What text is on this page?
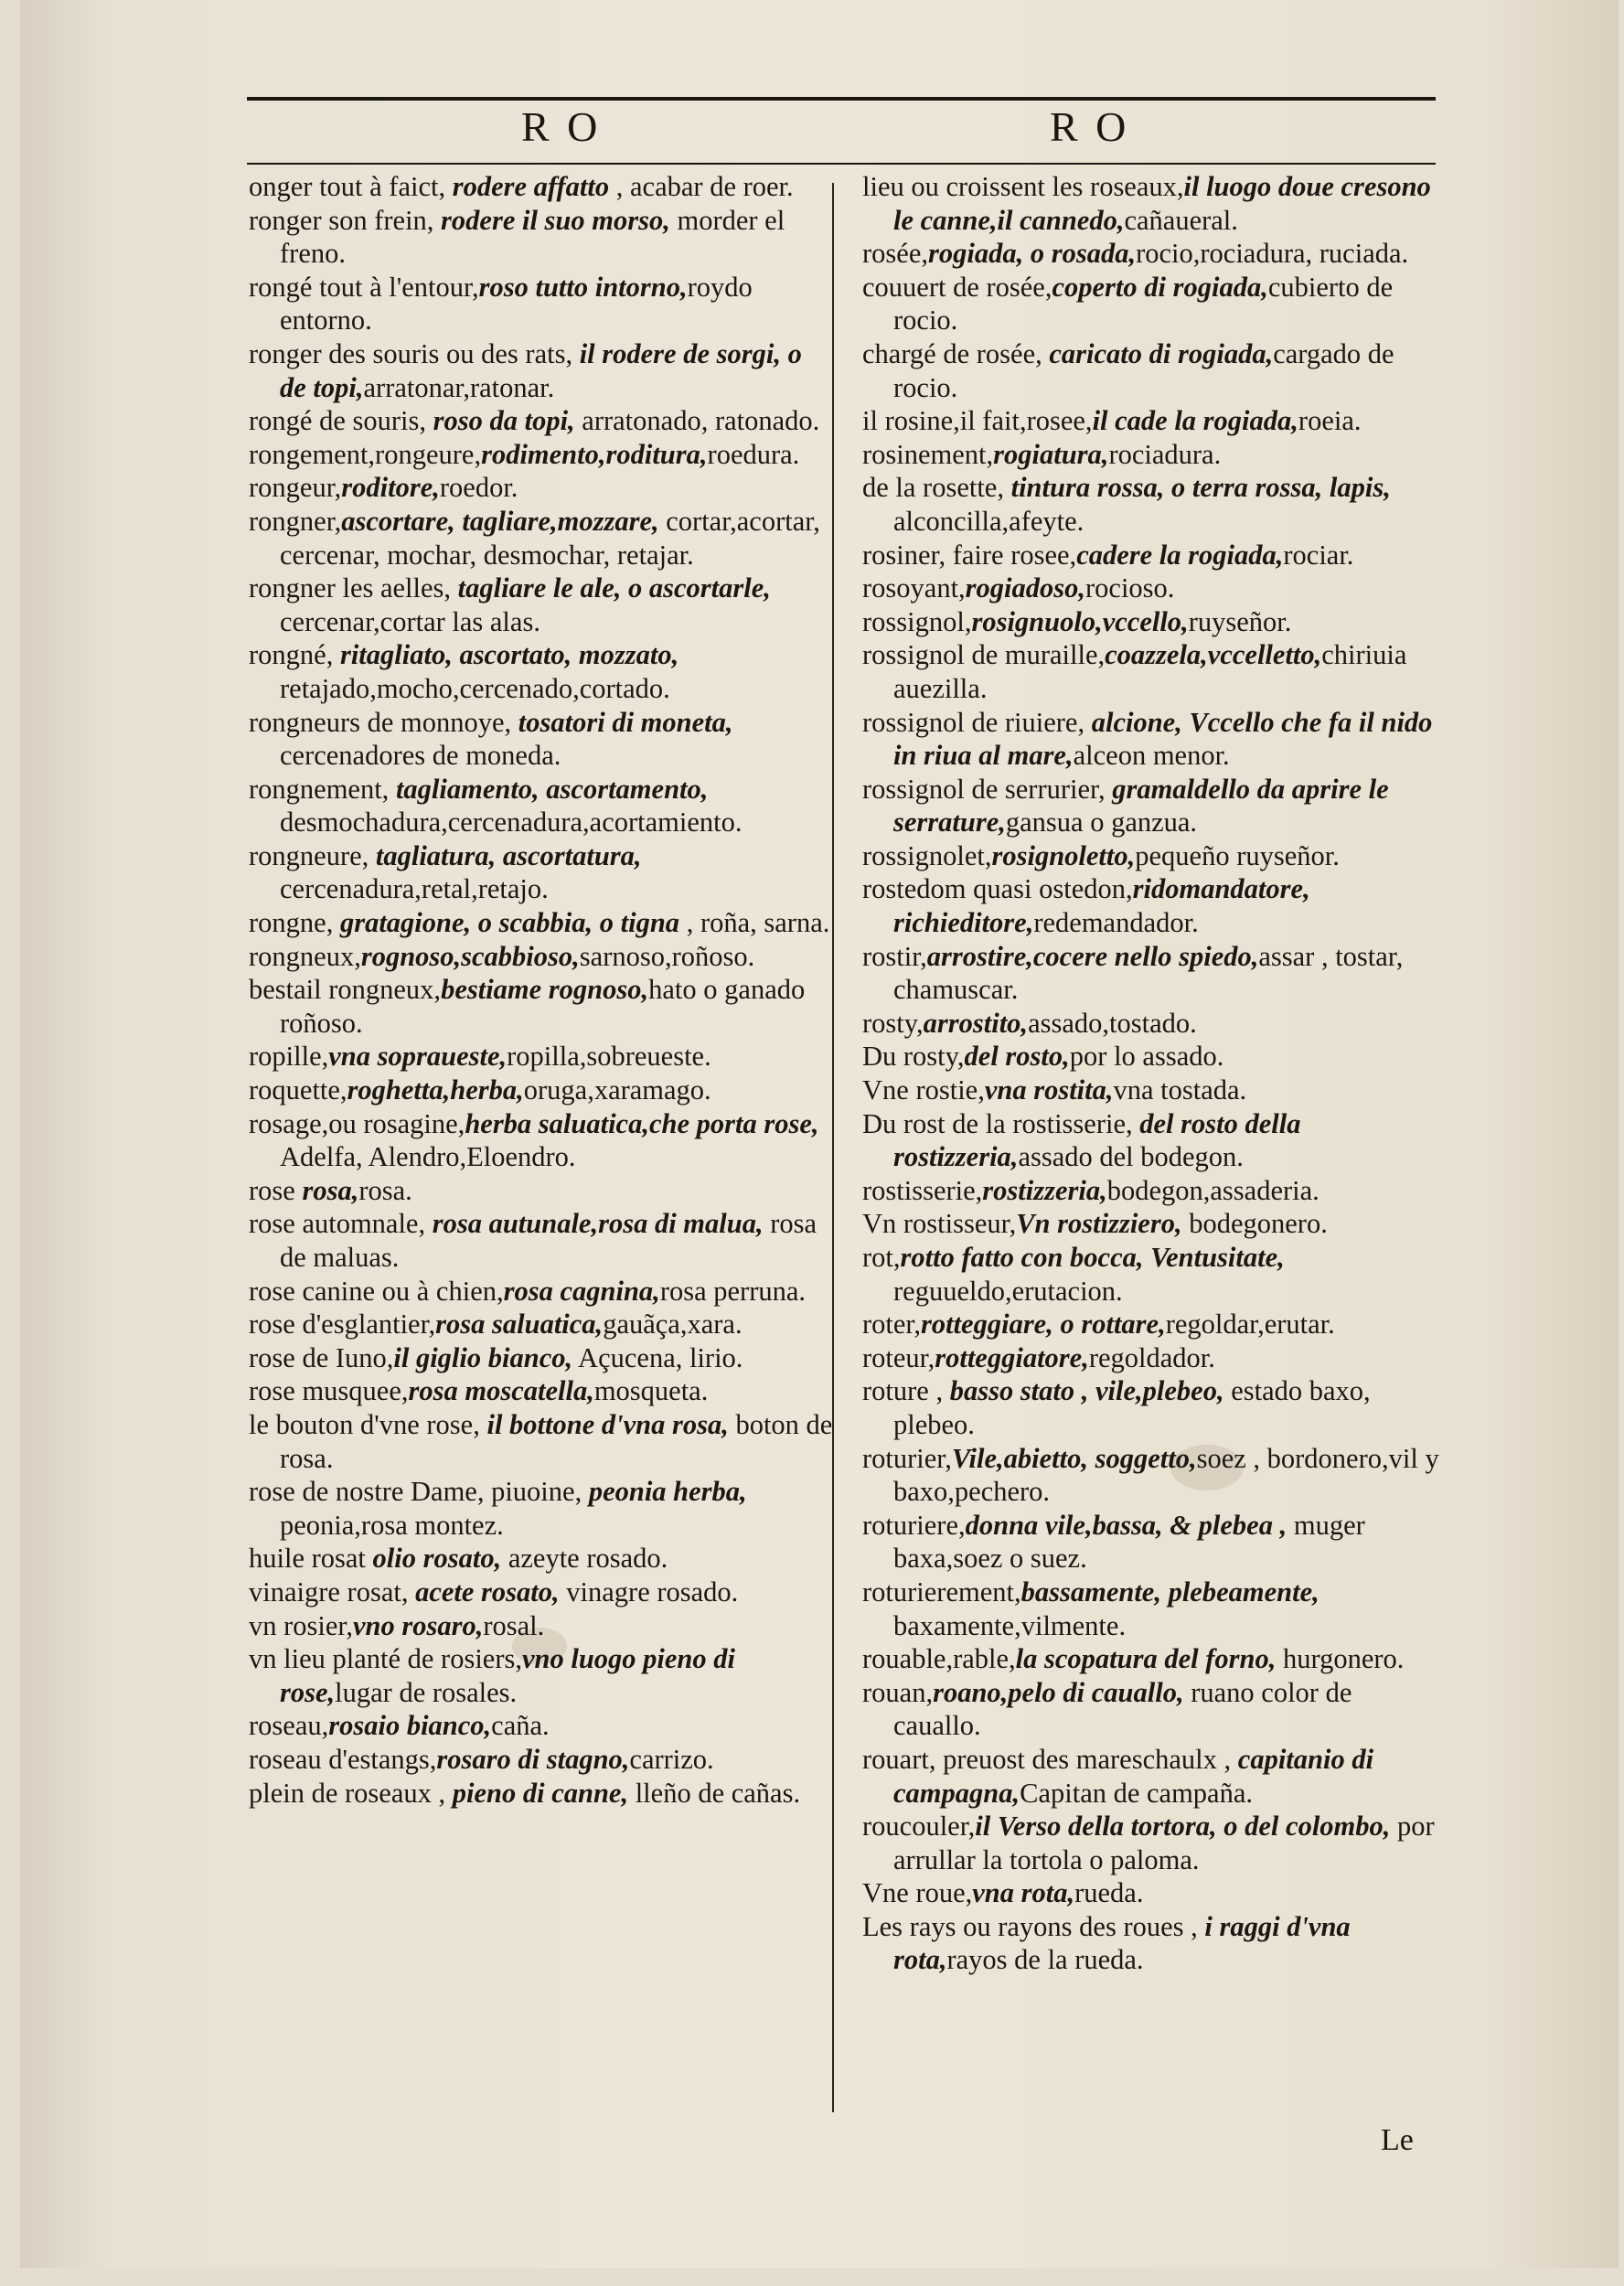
R O	R O

onger tout à faict, rodere affatto , acabar de roer.

ronger son frein, rodere il suo morso, morder el freno.

rongé tout à l'entour,roso tutto intorno,roydo entorno.

ronger des souris ou des rats, il rodere de sorgi, o de topi,arratonar,ratonar.

rongé de souris, roso da topi, arratonado, ratonado.

rongement,rongeure,rodimento,roditura,roedura.

rongeur,roditore,roedor.

rongner,ascortare, tagliare,mozzare, cortar,acortar, cercenar, mochar, desmochar, retajar.

rongner les aelles, tagliare le ale, o ascortarle, cercenar,cortar las alas.

rongné, ritagliato, ascortato, mozzato, retajado,mocho,cercenado,cortado.

rongneurs de monnoye, tosatori di moneta, cercenadores de moneda.

rongnement, tagliamento, ascortamento, desmochadura,cercenadura,acortamiento.

rongneure, tagliatura, ascortatura, cercenadura,retal,retajo.

rongne, gratagione, o scabbia, o tigna , roña, sarna.

rongneux,rognoso,scabbioso,sarnoso,roñoso.

bestail rongneux,bestiame rognoso,hato o ganado roñoso.

ropille,vna sopraueste,ropilla,sobreueste.

roquette,roghetta,herba,oruga,xaramago.

rosage,ou rosagine,herba saluatica,che porta rose, Adelfa, Alendro,Eloendro.

rose rosa,rosa.

rose automnale, rosa autunale,rosa di malua, rosa de maluas.

rose canine ou à chien,rosa cagnina,rosa perruna.

rose d'esglantier,rosa saluatica,gauãça,xara.

rose de Iuno,il giglio bianco, Açucena, lirio.

rose musquee,rosa moscatella,mosqueta.

le bouton d'vne rose, il bottone d'vna rosa, boton de rosa.

rose de nostre Dame, piuoine, peonia herba, peonia,rosa montez.

huile rosat olio rosato, azeyte rosado.

vinaigre rosat, acete rosato, vinagre rosado.

vn rosier,vno rosaro,rosal.

vn lieu planté de rosiers,vno luogo pieno di rose,lugar de rosales.

roseau,rosaio bianco,caña.

roseau d'estangs,rosaro di stagno,carrizo.

plein de roseaux , pieno di canne, lleño de cañas.

lieu ou croissent les roseaux,il luogo doue cresono le canne,il cannedo,cañaueral.

rosée,rogiada, o rosada,rocio,rociadura, ruciada.

couuert de rosée,coperto di rogiada,cubierto de rocio.

chargé de rosée, caricato di rogiada,cargado de rocio.

il rosine,il fait,rosee,il cade la rogiada,roeia.

rosinement,rogiatura,rociadura.

de la rosette, tintura rossa, o terra rossa, lapis, alconcilla,afeyte.

rosiner, faire rosee,cadere la rogiada,rociar.

rosoyant,rogiadoso,rocioso.

rossignol,rosignuolo,vccello,ruyseñor.

rossignol de muraille,coazzela,vccelletto,chiriuia auezilla.

rossignol de riuiere, alcione, Vccello che fa il nido in riua al mare,alceon menor.

rossignol de serrurier, gramaldello da aprire le serrature,gansua o ganzua.

rossignolet,rosignoletto,pequeño ruyseñor.

rostedom quasi ostedon,ridomandatore, richieditore,redemandador.

rostir,arrostire,cocere nello spiedo,assar , tostar, chamuscar.

rosty,arrostito,assado,tostado.

Du rosty,del rosto,por lo assado.

Vne rostie,vna rostita,vna tostada.

Du rost de la rostisserie, del rosto della rostizzeria,assado del bodegon.

rostisserie,rostizzeria,bodegon,assaderia.

Vn rostisseur,Vn rostizziero, bodegonero.

rot,rotto fatto con bocca, Ventusitate, reguueldo,erutacion.

roter,rotteggiare, o rottare,regoldar,erutar.

roteur,rotteggiatore,regoldador.

roture , basso stato , vile,plebeo, estado baxo, plebeo.

roturier,Vile,abietto, soggetto,soez , bordonero,vil y baxo,pechero.

roturiere,donna vile,bassa, & plebea , muger baxa,soez o suez.

roturierement,bassamente, plebeamente, baxamente,vilmente.

rouable,rable,la scopatura del forno, hurgonero.

rouan,roano,pelo di cauallo, ruano color de cauallo.

rouart, preuost des mareschaulx , capitanio di campagna,Capitan de campaña.

roucouler,il Verso della tortora, o del colombo, por arrullar la tortola o paloma.

Vne roue,vna rota,rueda.

Les rays ou rayons des roues , i raggi d'vna rota,rayos de la rueda.

Le
